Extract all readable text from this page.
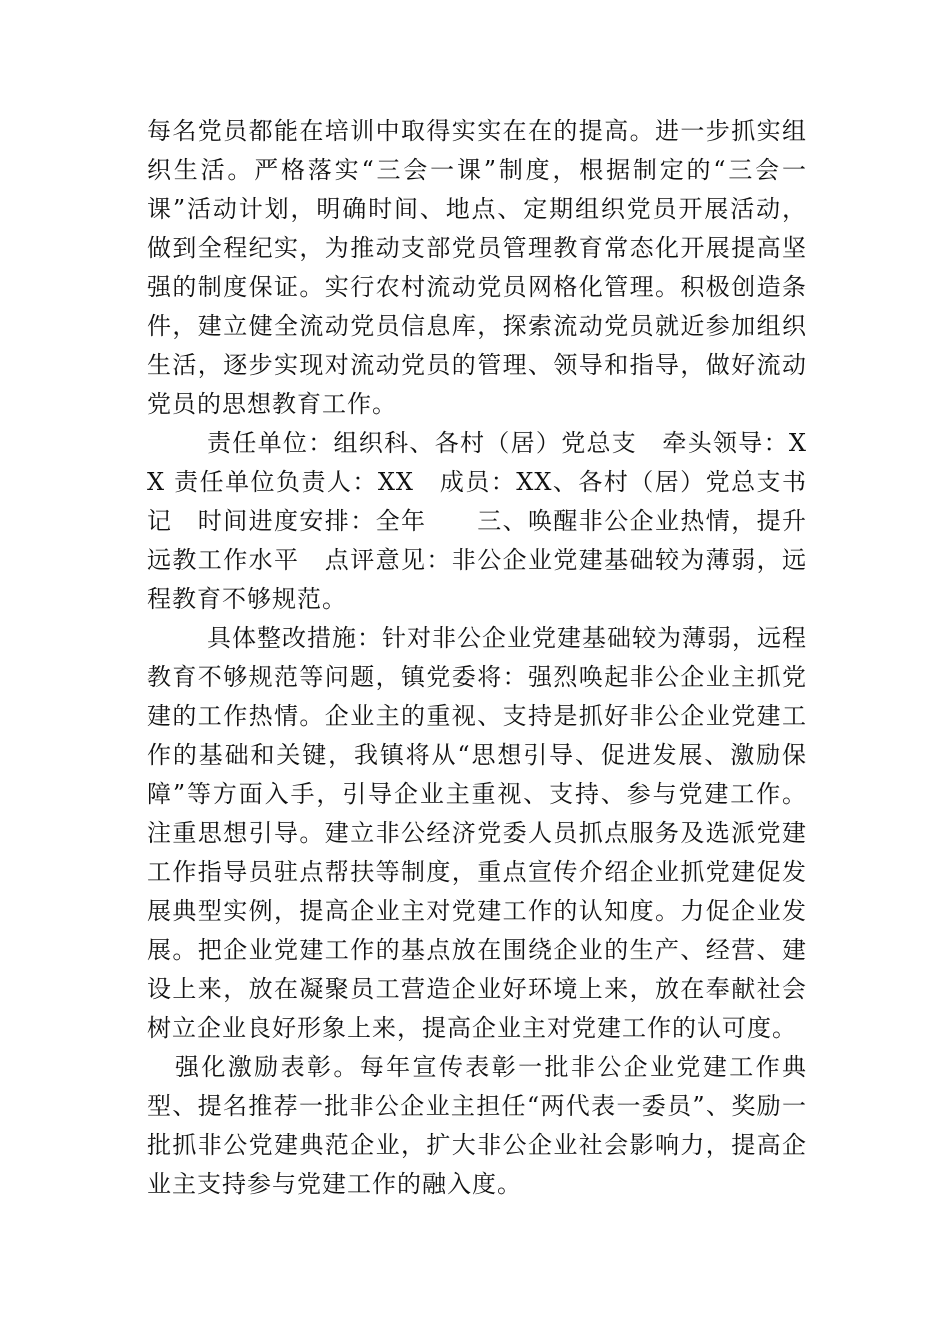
每名党员都能在培训中取得实实在在的提高。进一步抓实组织生活。严格落实“三会一课”制度，根据制定的“三会一课”活动计划，明确时间、地点、定期组织党员开展活动，做到全程纪实，为推动支部党员管理教育常态化开展提高坚强的制度保证。实行农村流动党员网格化管理。积极创造条件，建立健全流动党员信息库，探索流动党员就近参加组织生活，逐步实现对流动党员的管理、领导和指导，做好流动党员的思想教育工作。

责任单位：组织科、各村（居）党总支　牵头领导：XX 责任单位负责人：XX　成员：XX、各村（居）党总支书记　时间进度安排：全年　　三、唤醒非公企业热情，提升远教工作水平　点评意见：非公企业党建基础较为薄弱，远程教育不够规范。

具体整改措施：针对非公企业党建基础较为薄弱，远程教育不够规范等问题，镇党委将：强烈唤起非公企业主抓党建的工作热情。企业主的重视、支持是抓好非公企业党建工作的基础和关键，我镇将从“思想引导、促进发展、激励保障”等方面入手，引导企业主重视、支持、参与党建工作。注重思想引导。建立非公经济党委人员抓点服务及选派党建工作指导员驻点帮扶等制度，重点宣传介绍企业抓党建促发展典型实例，提高企业主对党建工作的认知度。力促企业发展。把企业党建工作的基点放在围绕企业的生产、经营、建设上来，放在凝聚员工营造企业好环境上来，放在奉献社会树立企业良好形象上来，提高企业主对党建工作的认可度。

强化激励表彰。每年宣传表彰一批非公企业党建工作典型、提名推荐一批非公企业主担任“两代表一委员”、奖励一批抓非公党建典范企业，扩大非公企业社会影响力，提高企业主支持参与党建工作的融入度。
